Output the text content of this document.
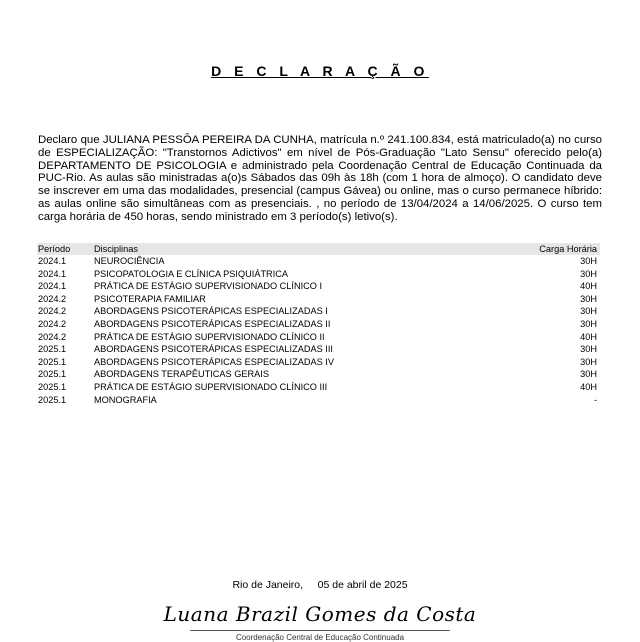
D E C L A R A Ç Ã O
Declaro que JULIANA PESSÔA PEREIRA DA CUNHA, matrícula n.º 241.100.834, está matriculado(a) no curso de ESPECIALIZAÇÃO: "Transtornos Adictivos" em nível de Pós-Graduação "Lato Sensu" oferecido pelo(a) DEPARTAMENTO DE PSICOLOGIA e administrado pela Coordenação Central de Educação Continuada da PUC-Rio. As aulas são ministradas a(o)s Sábados das 09h às 18h (com 1 hora de almoço). O candidato deve se inscrever em uma das modalidades, presencial (campus Gávea) ou online, mas o curso permanece híbrido: as aulas online são simultâneas com as presenciais. , no período de 13/04/2024 a 14/06/2025. O curso tem carga horária de 450 horas, sendo ministrado em 3 período(s) letivo(s).
Período	Disciplinas	Carga Horária
2024.1	NEUROCIÊNCIA	30H
2024.1	PSICOPATOLOGIA E CLÍNICA PSIQUIÁTRICA	30H
2024.1	PRÁTICA DE ESTÁGIO SUPERVISIONADO CLÍNICO I	40H
2024.2	PSICOTERAPIA FAMILIAR	30H
2024.2	ABORDAGENS PSICOTERÁPICAS ESPECIALIZADAS I	30H
2024.2	ABORDAGENS PSICOTERÁPICAS ESPECIALIZADAS II	30H
2024.2	PRÁTICA DE ESTÁGIO SUPERVISIONADO CLÍNICO II	40H
2025.1	ABORDAGENS PSICOTERÁPICAS ESPECIALIZADAS III	30H
2025.1	ABORDAGENS PSICOTERÁPICAS ESPECIALIZADAS IV	30H
2025.1	ABORDAGENS TERAPÊUTICAS GERAIS	30H
2025.1	PRÁTICA DE ESTÁGIO SUPERVISIONADO CLÍNICO III	40H
2025.1	MONOGRAFIA	-
Rio de Janeiro,     05 de abril de 2025
Luana Brazil Gomes da Costa
Coordenação Central de Educação Continuada
